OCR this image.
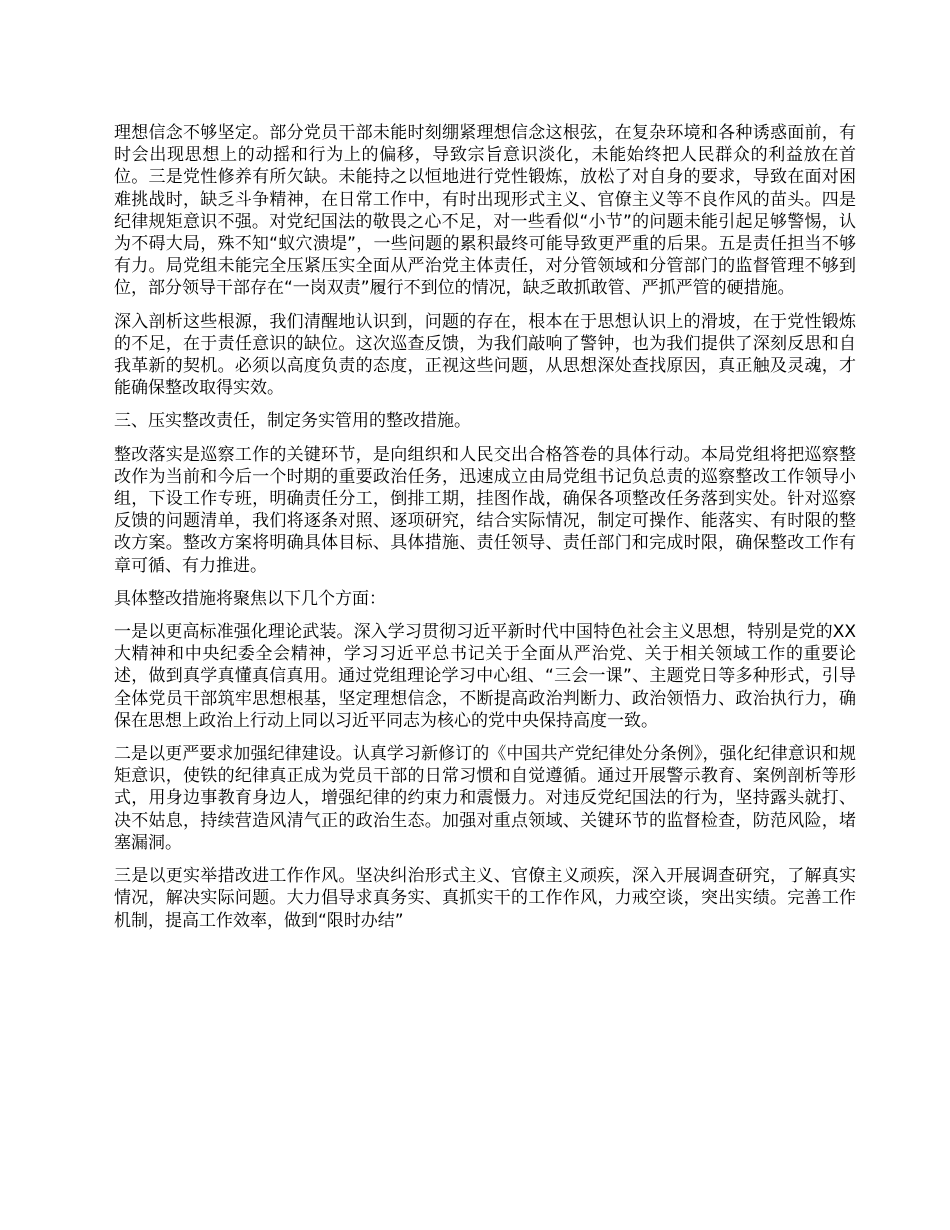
理想信念不够坚定。部分党员干部未能时刻绷紧理想信念这根弦，在复杂环境和各种诱惑面前，有时会出现思想上的动摇和行为上的偏移，导致宗旨意识淡化，未能始终把人民群众的利益放在首位。三是党性修养有所欠缺。未能持之以恒地进行党性锻炼，放松了对自身的要求，导致在面对困难挑战时，缺乏斗争精神，在日常工作中，有时出现形式主义、官僚主义等不良作风的苗头。四是纪律规矩意识不强。对党纪国法的敬畏之心不足，对一些看似“小节”的问题未能引起足够警惕，认为不碍大局，殊不知“蚁穴溃堤”，一些问题的累积最终可能导致更严重的后果。五是责任担当不够有力。局党组未能完全压紧压实全面从严治党主体责任，对分管领域和分管部门的监督管理不够到位，部分领导干部存在“一岗双责”履行不到位的情况，缺乏敢抓敢管、严抓严管的硬措施。

深入剖析这些根源，我们清醒地认识到，问题的存在，根本在于思想认识上的滑坡，在于党性锻炼的不足，在于责任意识的缺位。这次巡查反馈，为我们敲响了警钟，也为我们提供了深刻反思和自我革新的契机。必须以高度负责的态度，正视这些问题，从思想深处查找原因，真正触及灵魂，才能确保整改取得实效。

三、压实整改责任，制定务实管用的整改措施。

整改落实是巡察工作的关键环节，是向组织和人民交出合格答卷的具体行动。本局党组将把巡察整改作为当前和今后一个时期的重要政治任务，迅速成立由局党组书记负总责的巡察整改工作领导小组，下设工作专班，明确责任分工，倒排工期，挂图作战，确保各项整改任务落到实处。针对巡察反馈的问题清单，我们将逐条对照、逐项研究，结合实际情况，制定可操作、能落实、有时限的整改方案。整改方案将明确具体目标、具体措施、责任领导、责任部门和完成时限，确保整改工作有章可循、有力推进。

具体整改措施将聚焦以下几个方面：

一是以更高标准强化理论武装。深入学习贯彻习近平新时代中国特色社会主义思想，特别是党的XX大精神和中央纪委全会精神，学习习近平总书记关于全面从严治党、关于相关领域工作的重要论述，做到真学真懂真信真用。通过党组理论学习中心组、“三会一课”、主题党日等多种形式，引导全体党员干部筑牢思想根基，坚定理想信念，不断提高政治判断力、政治领悟力、政治执行力，确保在思想上政治上行动上同以习近平同志为核心的党中央保持高度一致。

二是以更严要求加强纪律建设。认真学习新修订的《中国共产党纪律处分条例》，强化纪律意识和规矩意识，使铁的纪律真正成为党员干部的日常习惯和自觉遵循。通过开展警示教育、案例剖析等形式，用身边事教育身边人，增强纪律的约束力和震慑力。对违反党纪国法的行为，坚持露头就打、决不姑息，持续营造风清气正的政治生态。加强对重点领域、关键环节的监督检查，防范风险，堵塞漏洞。

三是以更实举措改进工作作风。坚决纠治形式主义、官僚主义顽疾，深入开展调查研究，了解真实情况，解决实际问题。大力倡导求真务实、真抓实干的工作作风，力戒空谈，突出实绩。完善工作机制，提高工作效率，做到“限时办结”
